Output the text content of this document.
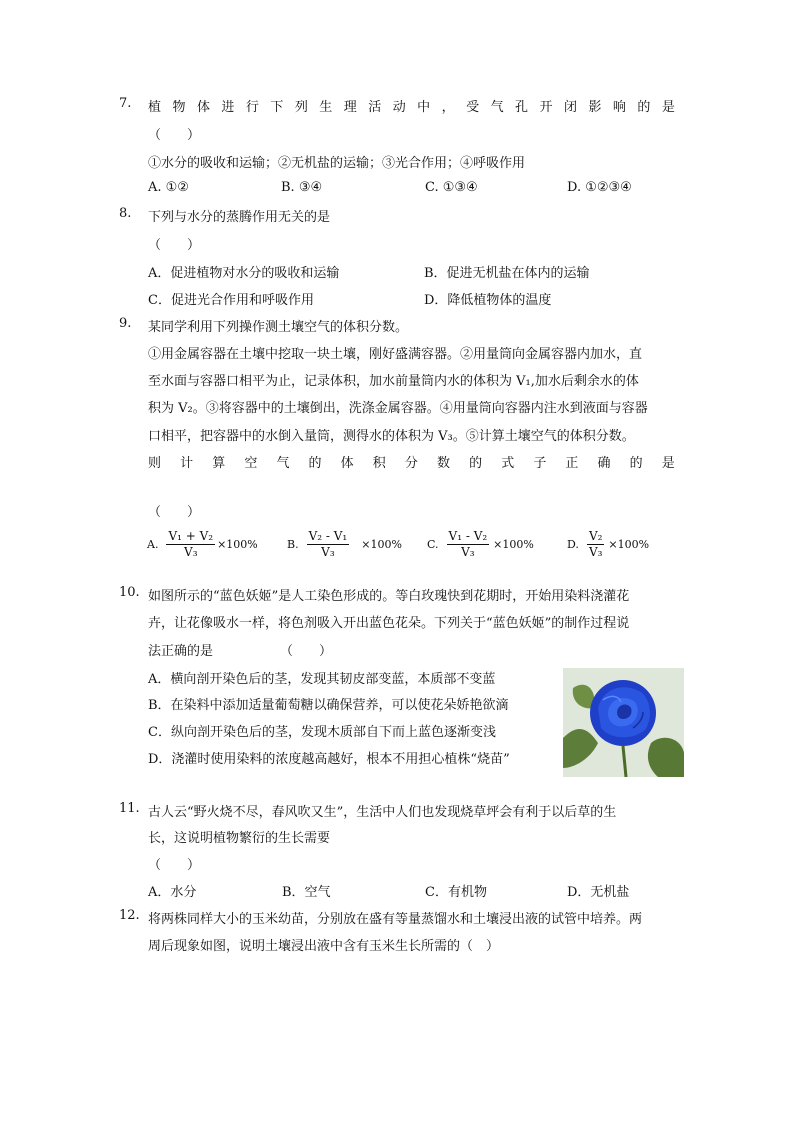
7. 植 物 体 进 行 下 列 生 理 活 动 中 ， 受 气 孔 开 闭 影 响 的 是
（　　）
①水分的吸收和运输；②无机盐的运输；③光合作用；④呼吸作用
A. ①②	B. ③④	C. ①③④	D. ①②③④
8. 下列与水分的蒸腾作用无关的是
（　　）
A．促进植物对水分的吸收和运输	B．促进无机盐在体内的运输
C．促进光合作用和呼吸作用	D．降低植物体的温度
9. 某同学利用下列操作测土壤空气的体积分数。
①用金属容器在土壤中挖取一块土壤，刚好盛满容器。②用量筒向金属容器内加水，直
至水面与容器口相平为止，记录体积，加水前量筒内水的体积为 V₁,加水后剩余水的体
积为 V₂。③将容器中的土壤倒出，洗涤金属容器。④用量筒向容器内注水到液面与容器
口相平，把容器中的水倒入量筒，测得水的体积为 V₃。⑤计算土壤空气的体积分数。
则 计 算 空 气 的 体 积 分 数 的 式 子 正 确 的 是
（　　）
A. $\frac{\text{V₁ + V₂}}{\text{V₃}} \times 100\%$	B. $\frac{\text{V₂ - V₁}}{\text{V₃}} \times 100\%$ C. $\frac{\text{V₁ - V₂}}{\text{V₃}} \times 100\%$	D. $\frac{\text{V₂}}{\text{V₃}} \times 100\%$
10. 如图所示的“蓝色妖姬”是人工染色形成的。等白玫瑰快到花期时，开始用染料浇灌花
卉，让花像吸水一样，将色剂吸入开出蓝色花朵。下列关于“蓝色妖姬”的制作过程说
法正确的是	（　　）
A．横向剖开染色后的茎，发现其韧皮部变蓝，本质部不变蓝
B．在染料中添加适量葡萄糖以确保营养，可以使花朵娇艳欲滴
C．纵向剖开染色后的茎，发现木质部自下而上蓝色逐渐变浅
D．浇灌时使用染料的浓度越高越好，根本不用担心植株“烧苗”
11. 古人云“野火烧不尽，春风吹又生”，生活中人们也发现烧草坪会有利于以后草的生
长，这说明植物繁衍的生长需要
（　　）
A．水分	B．空气	C．有机物	D．无机盐
12. 将两株同样大小的玉米幼苗，分别放在盛有等量蒸馏水和土壤浸出液的试管中培养。两
周后现象如图，说明土壤浸出液中含有玉米生长所需的（　）
